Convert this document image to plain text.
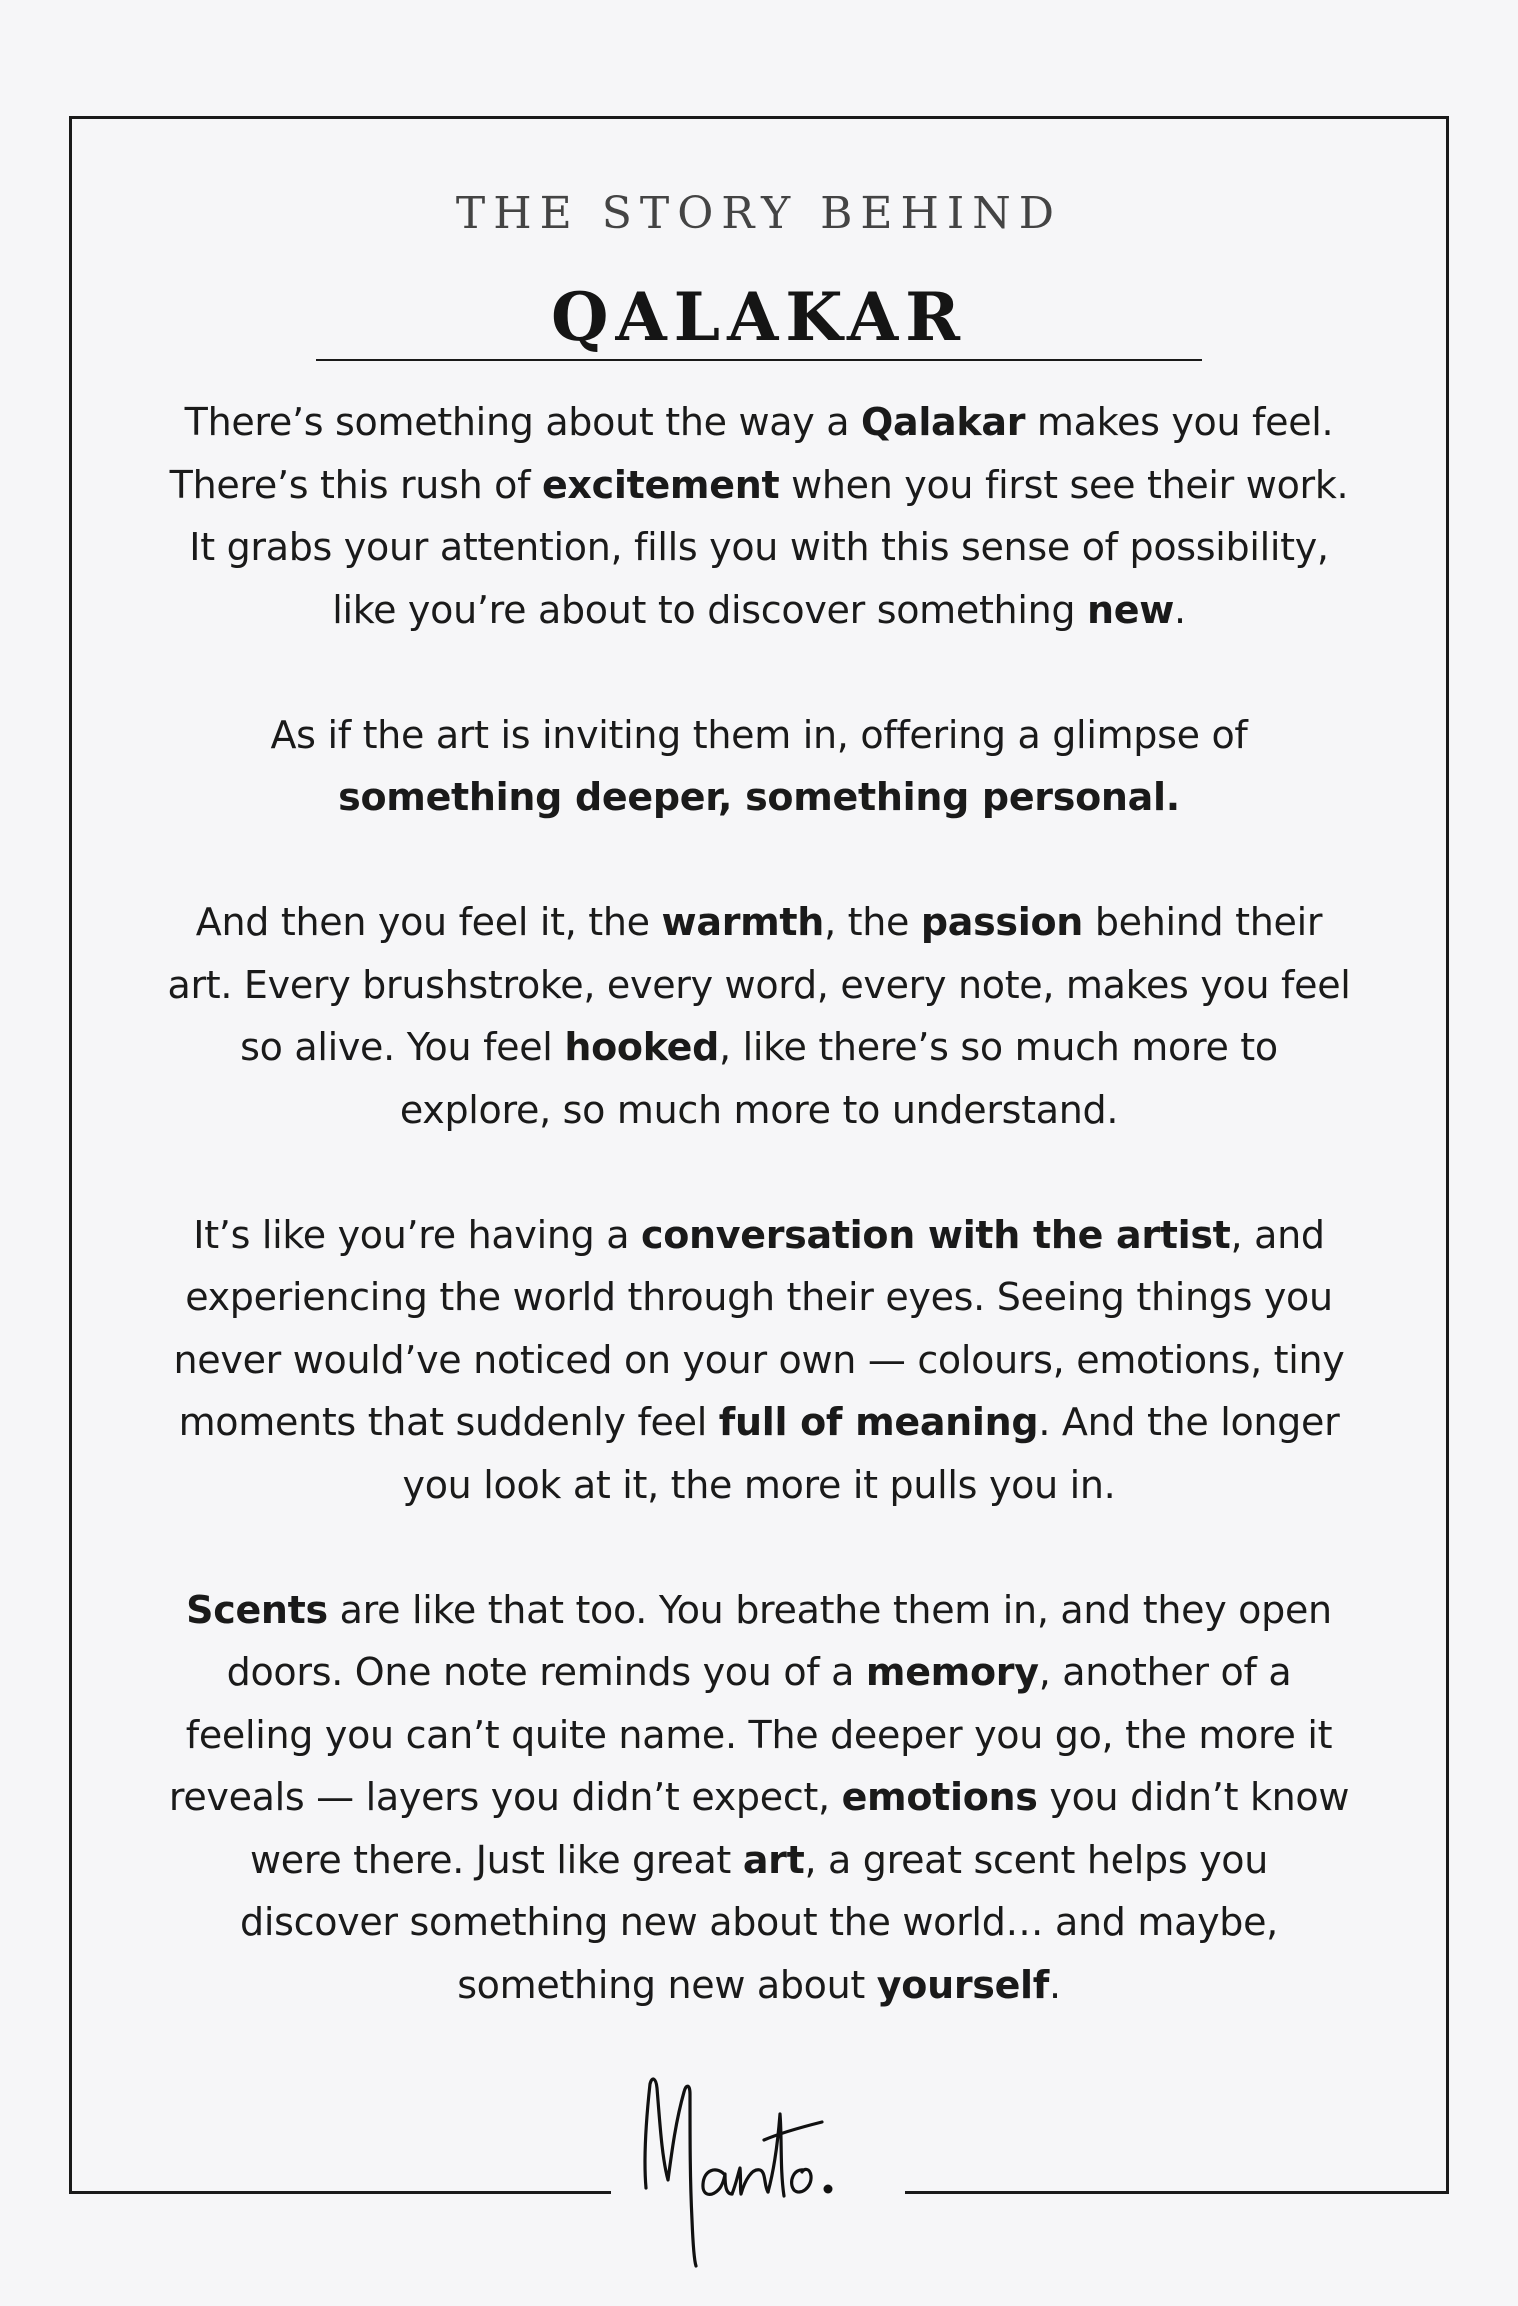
THE STORY BEHIND
QALAKAR

There’s something about the way a Qalakar makes you feel.
There’s this rush of excitement when you first see their work.
It grabs your attention, fills you with this sense of possibility,
like you’re about to discover something new.

As if the art is inviting them in, offering a glimpse of
something deeper, something personal.

And then you feel it, the warmth, the passion behind their
art. Every brushstroke, every word, every note, makes you feel
so alive. You feel hooked, like there’s so much more to
explore, so much more to understand.

It’s like you’re having a conversation with the artist, and
experiencing the world through their eyes. Seeing things you
never would’ve noticed on your own — colours, emotions, tiny
moments that suddenly feel full of meaning. And the longer
you look at it, the more it pulls you in.

Scents are like that too. You breathe them in, and they open
doors. One note reminds you of a memory, another of a
feeling you can’t quite name. The deeper you go, the more it
reveals — layers you didn’t expect, emotions you didn’t know
were there. Just like great art, a great scent helps you
discover something new about the world… and maybe,
something new about yourself.
